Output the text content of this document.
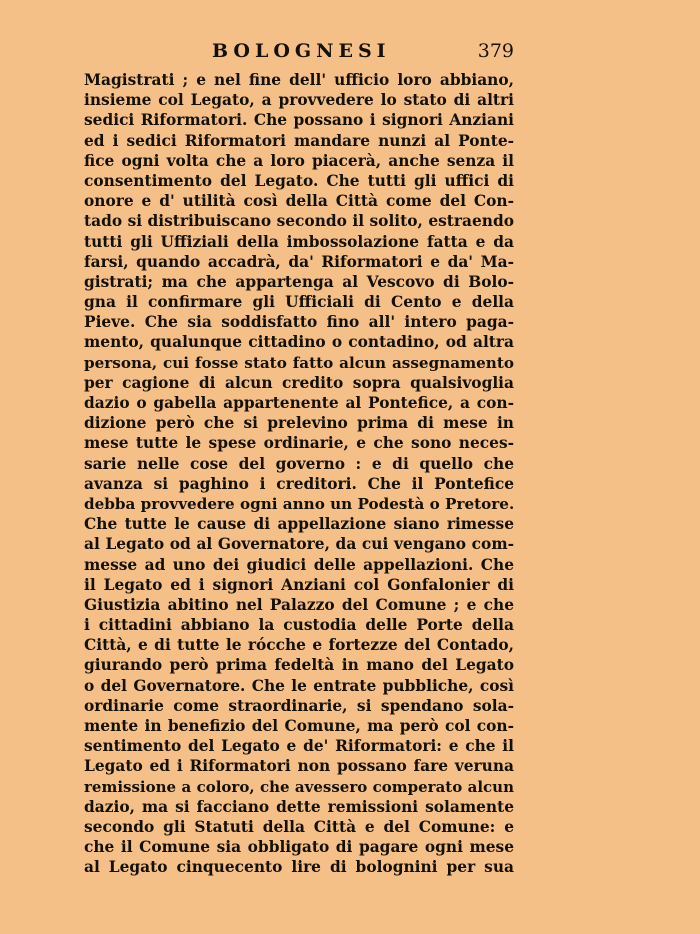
BOLOGNESI	379
Magistrati ; e nel fine dell' ufficio loro abbiano,
insieme col Legato, a provvedere lo stato di altri
sedici Riformatori. Che possano i signori Anziani
ed i sedici Riformatori mandare nunzi al Ponte-
fice ogni volta che a loro piacerà, anche senza il
consentimento del Legato. Che tutti gli uffici di
onore e d' utilità così della Città come del Con-
tado si distribuiscano secondo il solito, estraendo
tutti gli Uffiziali della imbossolazione fatta e da
farsi, quando accadrà, da' Riformatori e da' Ma-
gistrati; ma che appartenga al Vescovo di Bolo-
gna il confirmare gli Ufficiali di Cento e della
Pieve. Che sia soddisfatto fino all' intero paga-
mento, qualunque cittadino o contadino, od altra
persona, cui fosse stato fatto alcun assegnamento
per cagione di alcun credito sopra qualsivoglia
dazio o gabella appartenente al Pontefice, a con-
dizione però che si prelevino prima di mese in
mese tutte le spese ordinarie, e che sono neces-
sarie nelle cose del governo : e di quello che
avanza si paghino i creditori. Che il Pontefice
debba provvedere ogni anno un Podestà o Pretore.
Che tutte le cause di appellazione siano rimesse
al Legato od al Governatore, da cui vengano com-
messe ad uno dei giudici delle appellazioni. Che
il Legato ed i signori Anziani col Gonfalonier di
Giustizia abitino nel Palazzo del Comune ; e che
i cittadini abbiano la custodia delle Porte della
Città, e di tutte le rócche e fortezze del Contado,
giurando però prima fedeltà in mano del Legato
o del Governatore. Che le entrate pubbliche, così
ordinarie come straordinarie, si spendano sola-
mente in benefizio del Comune, ma però col con-
sentimento del Legato e de' Riformatori: e che il
Legato ed i Riformatori non possano fare veruna
remissione a coloro, che avessero comperato alcun
dazio, ma si facciano dette remissioni solamente
secondo gli Statuti della Città e del Comune: e
che il Comune sia obbligato di pagare ogni mese
al Legato cinquecento lire di bolognini per sua
